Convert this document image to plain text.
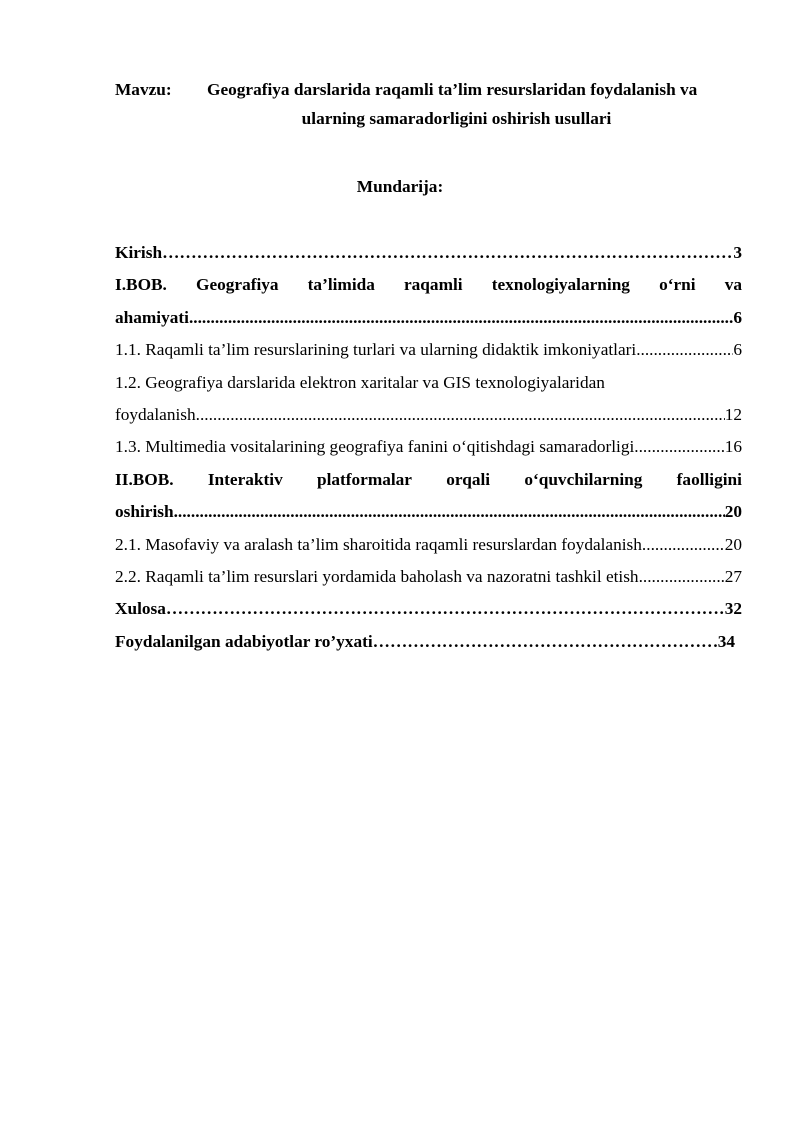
Mavzu:	Geografiya darslarida raqamli ta’lim resurslaridan foydalanish va
ularning samaradorligini oshirish usullari
Mundarija:
Kirish ………………………………………………………………………………………………………………………………………………………………………………	3
I.BOB. Geografiya ta’limida raqamli texnologiyalarning o‘rni va
ahamiyati .....	6
1.1. Raqamli ta’lim resurslarining turlari va ularning didaktik imkoniyatlari .....	6
1.2. Geografiya darslarida elektron xaritalar va GIS texnologiyalaridan
foydalanish .....	12
1.3. Multimedia vositalarining geografiya fanini o‘qitishdagi samaradorligi .....	16
II.BOB. Interaktiv platformalar orqali o‘quvchilarning faolligini
oshirish .....	20
2.1. Masofaviy va aralash ta’lim sharoitida raqamli resurslardan foydalanish .....	20
2.2. Raqamli ta’lim resurslari yordamida baholash va nazoratni tashkil etish .....	27
Xulosa ………………………………………………………………………………………………………………………………………………………………………………	32
Foydalanilgan adabiyotlar ro’yxati ………………………………………………………………………………………………………………………………………………………………………………	34
